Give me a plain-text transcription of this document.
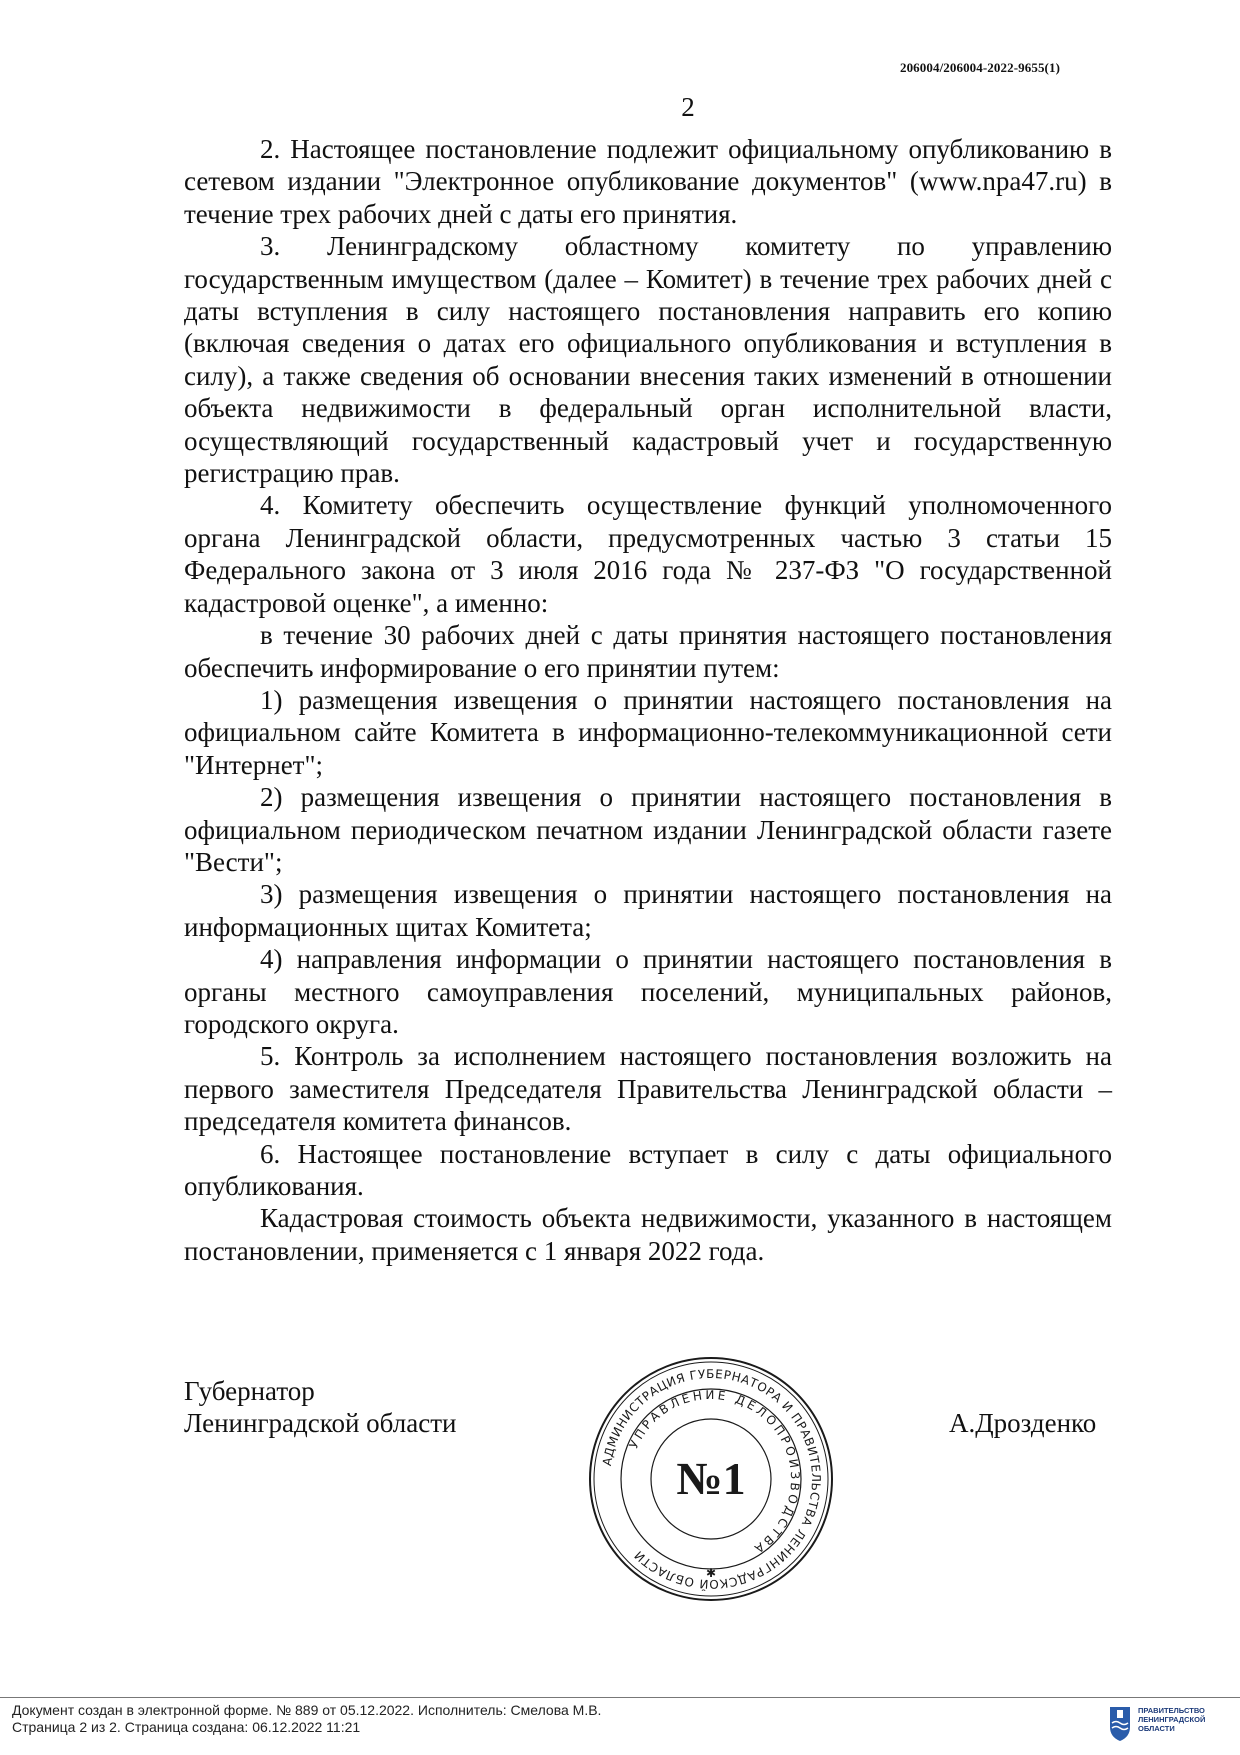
206004/206004-2022-9655(1)
2

2. Настоящее постановление подлежит официальному опубликованию в сетевом издании "Электронное опубликование документов" (www.npa47.ru) в течение трех рабочих дней с даты его принятия.

3. Ленинградскому областному комитету по управлению государственным имуществом (далее – Комитет) в течение трех рабочих дней с даты вступления в силу настоящего постановления направить его копию (включая сведения о датах его официального опубликования и вступления в силу), а также сведения об основании внесения таких изменений в отношении объекта недвижимости в федеральный орган исполнительной власти, осуществляющий государственный кадастровый учет и государственную регистрацию прав.

4. Комитету обеспечить осуществление функций уполномоченного органа Ленинградской области, предусмотренных частью 3 статьи 15 Федерального закона от 3 июля 2016 года № 237-ФЗ "О государственной кадастровой оценке", а именно:

в течение 30 рабочих дней с даты принятия настоящего постановления обеспечить информирование о его принятии путем:

1) размещения извещения о принятии настоящего постановления на официальном сайте Комитета в информационно-телекоммуникационной сети "Интернет";

2) размещения извещения о принятии настоящего постановления в официальном периодическом печатном издании Ленинградской области газете "Вести";

3) размещения извещения о принятии настоящего постановления на информационных щитах Комитета;

4) направления информации о принятии настоящего постановления в органы местного самоуправления поселений, муниципальных районов, городского округа.

5. Контроль за исполнением настоящего постановления возложить на первого заместителя Председателя Правительства Ленинградской области – председателя комитета финансов.

6. Настоящее постановление вступает в силу с даты официального опубликования.

Кадастровая стоимость объекта недвижимости, указанного в настоящем постановлении, применяется с 1 января 2022 года.

Губернатор
Ленинградской области	А.Дрозденко
АДМИНИСТРАЦИЯ ГУБЕРНАТОРА И ПРАВИТЕЛЬСТВА ЛЕНИНГРАДСКОЙ ОБЛАСТИ
УПРАВЛЕНИЕ ДЕЛОПРОИЗВОДСТВА
№1
✱
Документ создан в электронной форме. № 889 от 05.12.2022. Исполнитель: Смелова М.В.
Страница 2 из 2. Страница создана: 06.12.2022 11:21
ПРАВИТЕЛЬСТВО
ЛЕНИНГРАДСКОЙ
ОБЛАСТИ
